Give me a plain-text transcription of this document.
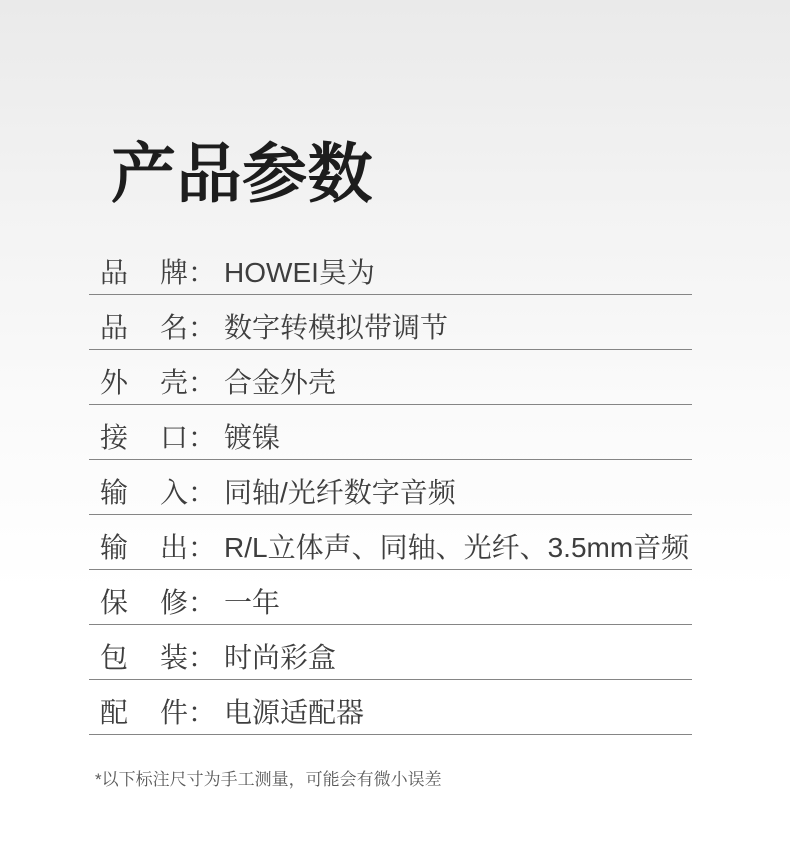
产品参数
品 牌 ： HOWEI昊为
品 名 ： 数字转模拟带调节
外 壳 ： 合金外壳
接 口 ： 镀镍
输 入 ： 同轴/光纤数字音频
输 出 ： R/L立体声、同轴、光纤、3.5mm音频
保 修 ： 一年
包 装 ： 时尚彩盒
配 件 ： 电源适配器

*以下标注尺寸为手工测量，可能会有微小误差
